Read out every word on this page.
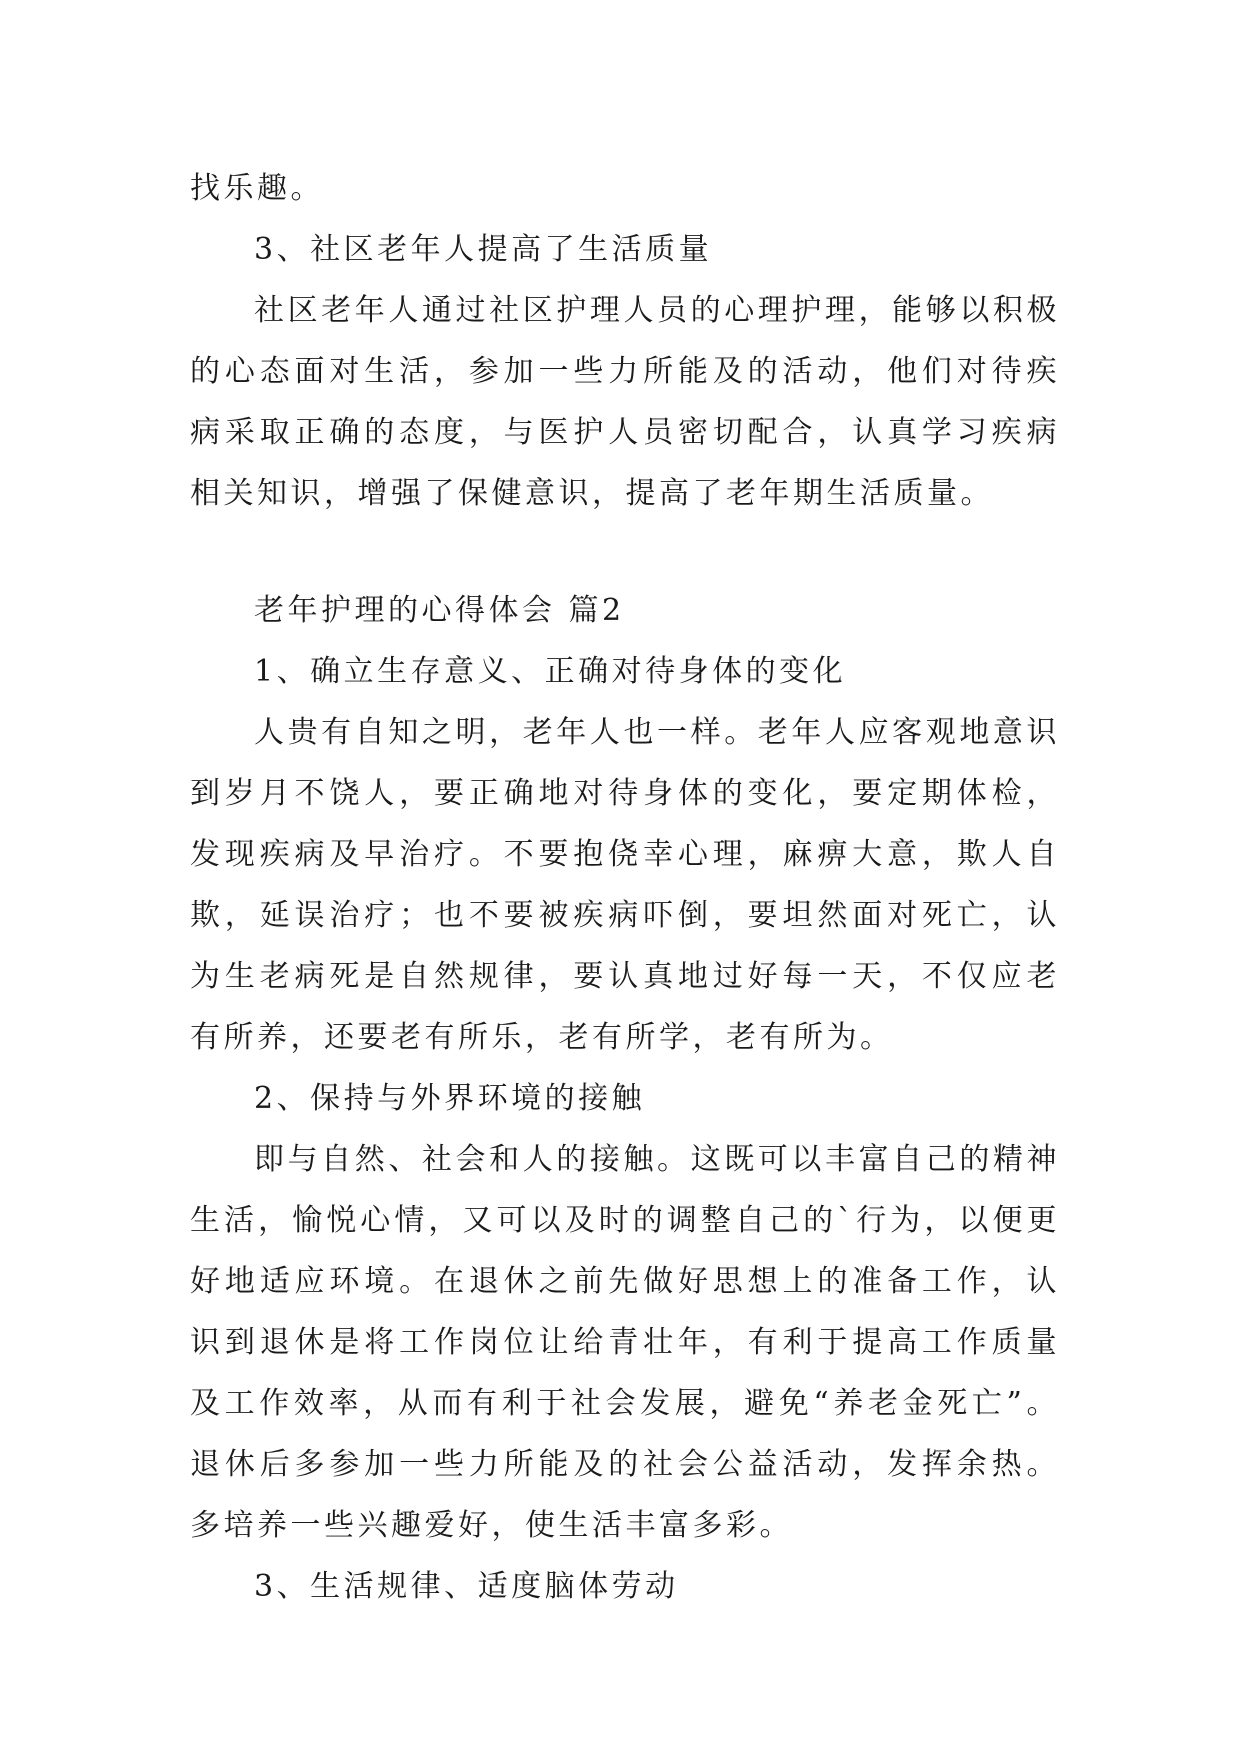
找乐趣。

3、社区老年人提高了生活质量

社区老年人通过社区护理人员的心理护理，能够以积极的心态面对生活，参加一些力所能及的活动，他们对待疾病采取正确的态度，与医护人员密切配合，认真学习疾病相关知识，增强了保健意识，提高了老年期生活质量。

老年护理的心得体会 篇2

1、确立生存意义、正确对待身体的变化

人贵有自知之明，老年人也一样。老年人应客观地意识到岁月不饶人，要正确地对待身体的变化，要定期体检，发现疾病及早治疗。不要抱侥幸心理，麻痹大意，欺人自欺，延误治疗；也不要被疾病吓倒，要坦然面对死亡，认为生老病死是自然规律，要认真地过好每一天，不仅应老有所养，还要老有所乐，老有所学，老有所为。

2、保持与外界环境的接触

即与自然、社会和人的接触。这既可以丰富自己的精神生活，愉悦心情，又可以及时的调整自己的`行为，以便更好地适应环境。在退休之前先做好思想上的准备工作，认识到退休是将工作岗位让给青壮年，有利于提高工作质量及工作效率，从而有利于社会发展，避免“养老金死亡”。退休后多参加一些力所能及的社会公益活动，发挥余热。多培养一些兴趣爱好，使生活丰富多彩。

3、生活规律、适度脑体劳动
